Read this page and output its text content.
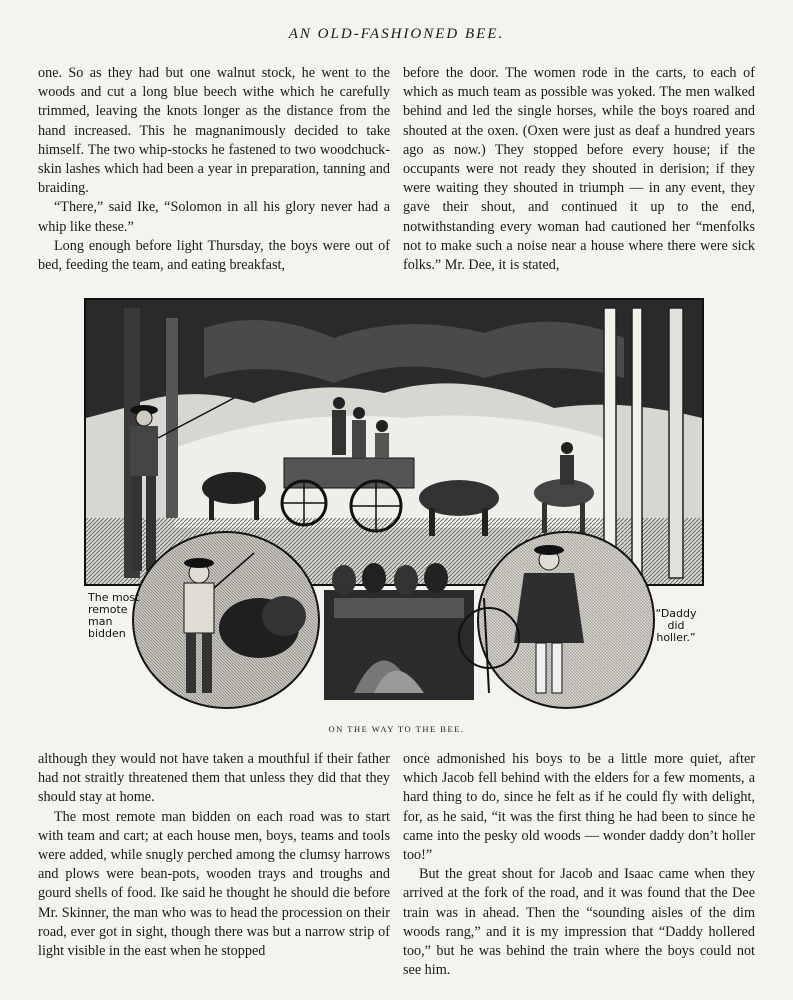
AN OLD-FASHIONED BEE.

one. So as they had but one walnut stock, he went to the woods and cut a long blue beech withe which he carefully trimmed, leaving the knots longer as the distance from the hand increased. This he magnanimously decided to take himself. The two whip-stocks he fastened to two woodchuck-skin lashes which had been a year in preparation, tanning and braiding.

“There,” said Ike, “Solomon in all his glory never had a whip like these.”

Long enough before light Thursday, the boys were out of bed, feeding the team, and eating breakfast,

before the door. The women rode in the carts, to each of which as much team as possible was yoked. The men walked behind and led the single horses, while the boys roared and shouted at the oxen. (Oxen were just as deaf a hundred years ago as now.) They stopped before every house; if the occupants were not ready they shouted in derision; if they were waiting they shouted in triumph — in any event, they gave their shout, and continued it up to the end, notwithstanding every woman had cautioned her “menfolks not to make such a noise near a house where there were sick folks.” Mr. Dee, it is stated,

The most remote man bidden
“Daddy did holler.”
ON THE WAY TO THE BEE.

although they would not have taken a mouthful if their father had not straitly threatened them that unless they did that they should stay at home.

The most remote man bidden on each road was to start with team and cart; at each house men, boys, teams and tools were added, while snugly perched among the clumsy harrows and plows were bean-pots, wooden trays and troughs and gourd shells of food. Ike said he thought he should die before Mr. Skinner, the man who was to head the procession on their road, ever got in sight, though there was but a narrow strip of light visible in the east when he stopped

once admonished his boys to be a little more quiet, after which Jacob fell behind with the elders for a few moments, a hard thing to do, since he felt as if he could fly with delight, for, as he said, “it was the first thing he had been to since he came into the pesky old woods — wonder daddy don’t holler too!”

But the great shout for Jacob and Isaac came when they arrived at the fork of the road, and it was found that the Dee train was in ahead. Then the “sounding aisles of the dim woods rang,” and it is my impression that “Daddy hollered too,” but he was behind the train where the boys could not see him.
